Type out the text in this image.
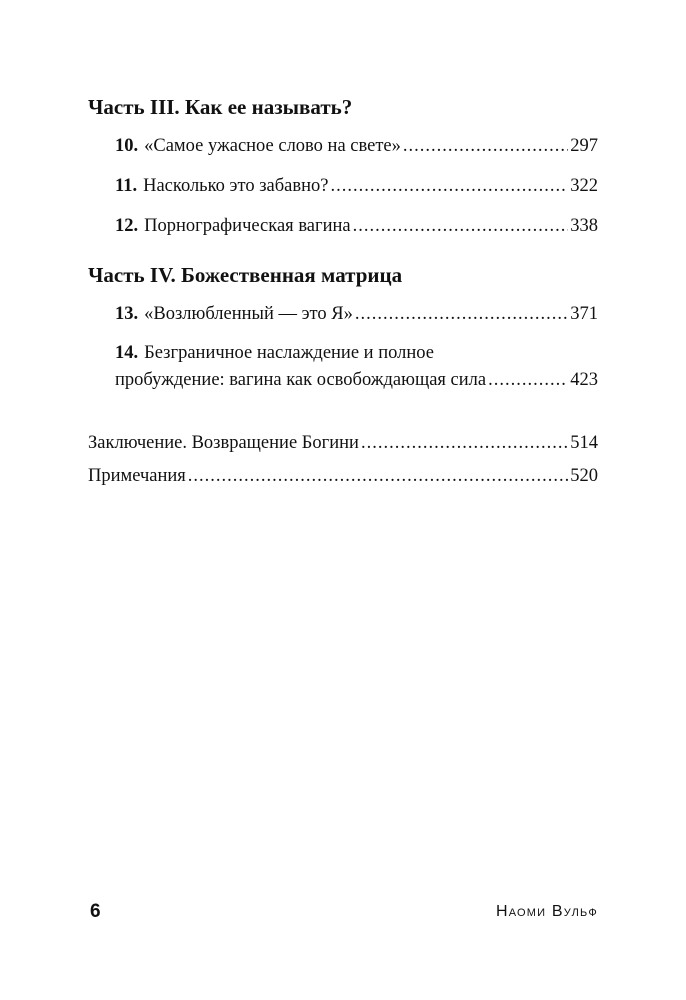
Часть III. Как ее называть?
10. «Самое ужасное слово на свете» .....	297
11. Насколько это забавно? .....	322
12. Порнографическая вагина .....	338
Часть IV. Божественная матрица
13. «Возлюбленный — это Я» .....	371
14. Безграничное наслаждение и полное
пробуждение: вагина как освобождающая сила .....	423
Заключение. Возвращение Богини .....	514
Примечания .....	520
6	Наоми Вульф
